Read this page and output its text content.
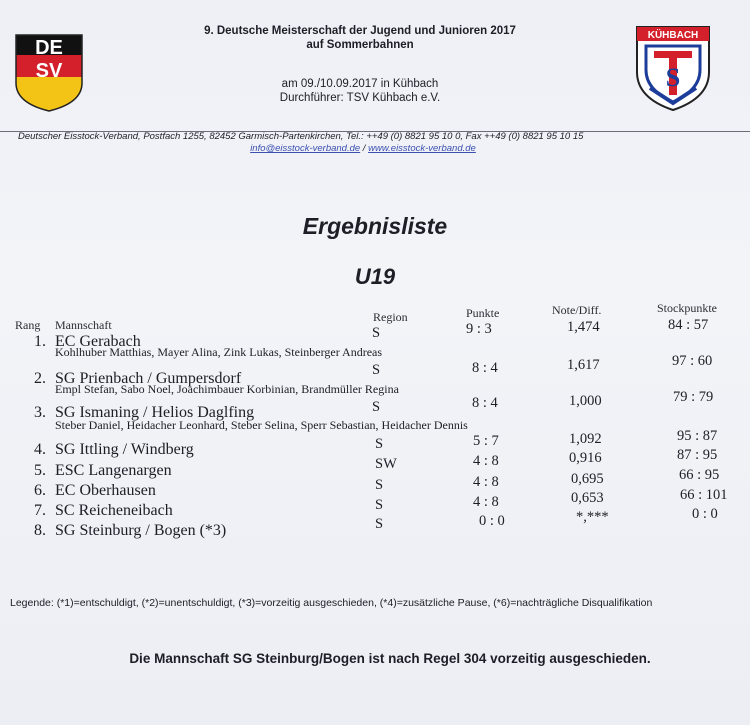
DE
SV
9. Deutsche Meisterschaft der Jugend und Junioren 2017
auf Sommerbahnen
am 09./10.09.2017 in Kühbach
Durchführer: TSV Kühbach e.V.
KÜHBACH
S
Deutscher Eisstock-Verband, Postfach 1255, 82452 Garmisch-Partenkirchen, Tel.: ++49 (0) 8821 95 10 0, Fax ++49 (0) 8821 95 10 15
info@eisstock-verband.de / www.eisstock-verband.de
Ergebnisliste
U19
Rang Mannschaft
Region	Punkte	Note/Diff.	Stockpunkte
1. EC Gerabach	S	9 : 3	1,474	84 : 57
Kohlhuber Matthias, Mayer Alina, Zink Lukas, Steinberger Andreas
2. SG Prienbach / Gumpersdorf	S	8 : 4	1,617	97 : 60
Empl Stefan, Sabo Noel, Joachimbauer Korbinian, Brandmüller Regina
3. SG Ismaning / Helios Daglfing	S	8 : 4	1,000	79 : 79
Steber Daniel, Heidacher Leonhard, Steber Selina, Sperr Sebastian, Heidacher Dennis
4. SG Ittling / Windberg	S	5 : 7	1,092	95 : 87
5. ESC Langenargen	SW	4 : 8	0,916	87 : 95
6. EC Oberhausen	S	4 : 8	0,695	66 : 95
7. SC Reicheneibach	S	4 : 8	0,653	66 : 101
8. SG Steinburg / Bogen (*3)	S	0 : 0	*,***	0 : 0
Legende: (*1)=entschuldigt, (*2)=unentschuldigt, (*3)=vorzeitig ausgeschieden, (*4)=zusätzliche Pause, (*6)=nachträgliche Disqualifikation
Die Mannschaft SG Steinburg/Bogen ist nach Regel 304 vorzeitig ausgeschieden.
